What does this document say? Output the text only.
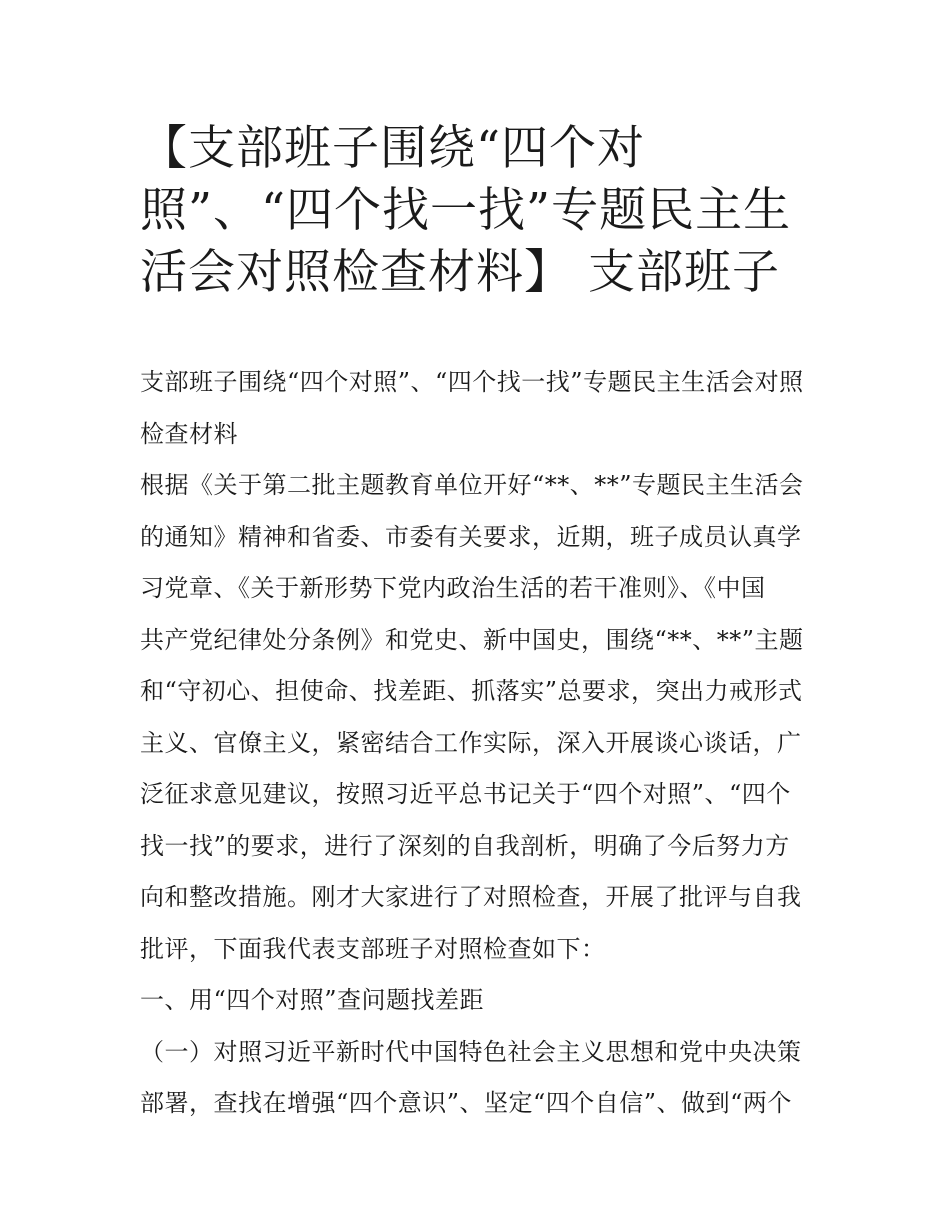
【支部班子围绕“四个对
照”、“四个找一找”专题民主生
活会对照检查材料】 支部班子
支部班子围绕“四个对照”、“四个找一找”专题民主生活会对照
检查材料
根据《关于第二批主题教育单位开好“**、**”专题民主生活会
的通知》精神和省委、市委有关要求，近期，班子成员认真学
习党章、《关于新形势下党内政治生活的若干准则》、《中国
共产党纪律处分条例》和党史、新中国史，围绕“**、**”主题
和“守初心、担使命、找差距、抓落实”总要求，突出力戒形式
主义、官僚主义，紧密结合工作实际，深入开展谈心谈话，广
泛征求意见建议，按照习近平总书记关于“四个对照”、“四个
找一找”的要求，进行了深刻的自我剖析，明确了今后努力方
向和整改措施。刚才大家进行了对照检查，开展了批评与自我
批评，下面我代表支部班子对照检查如下：
一、用“四个对照”查问题找差距
（一）对照习近平新时代中国特色社会主义思想和党中央决策
部署，查找在增强“四个意识”、坚定“四个自信”、做到“两个
